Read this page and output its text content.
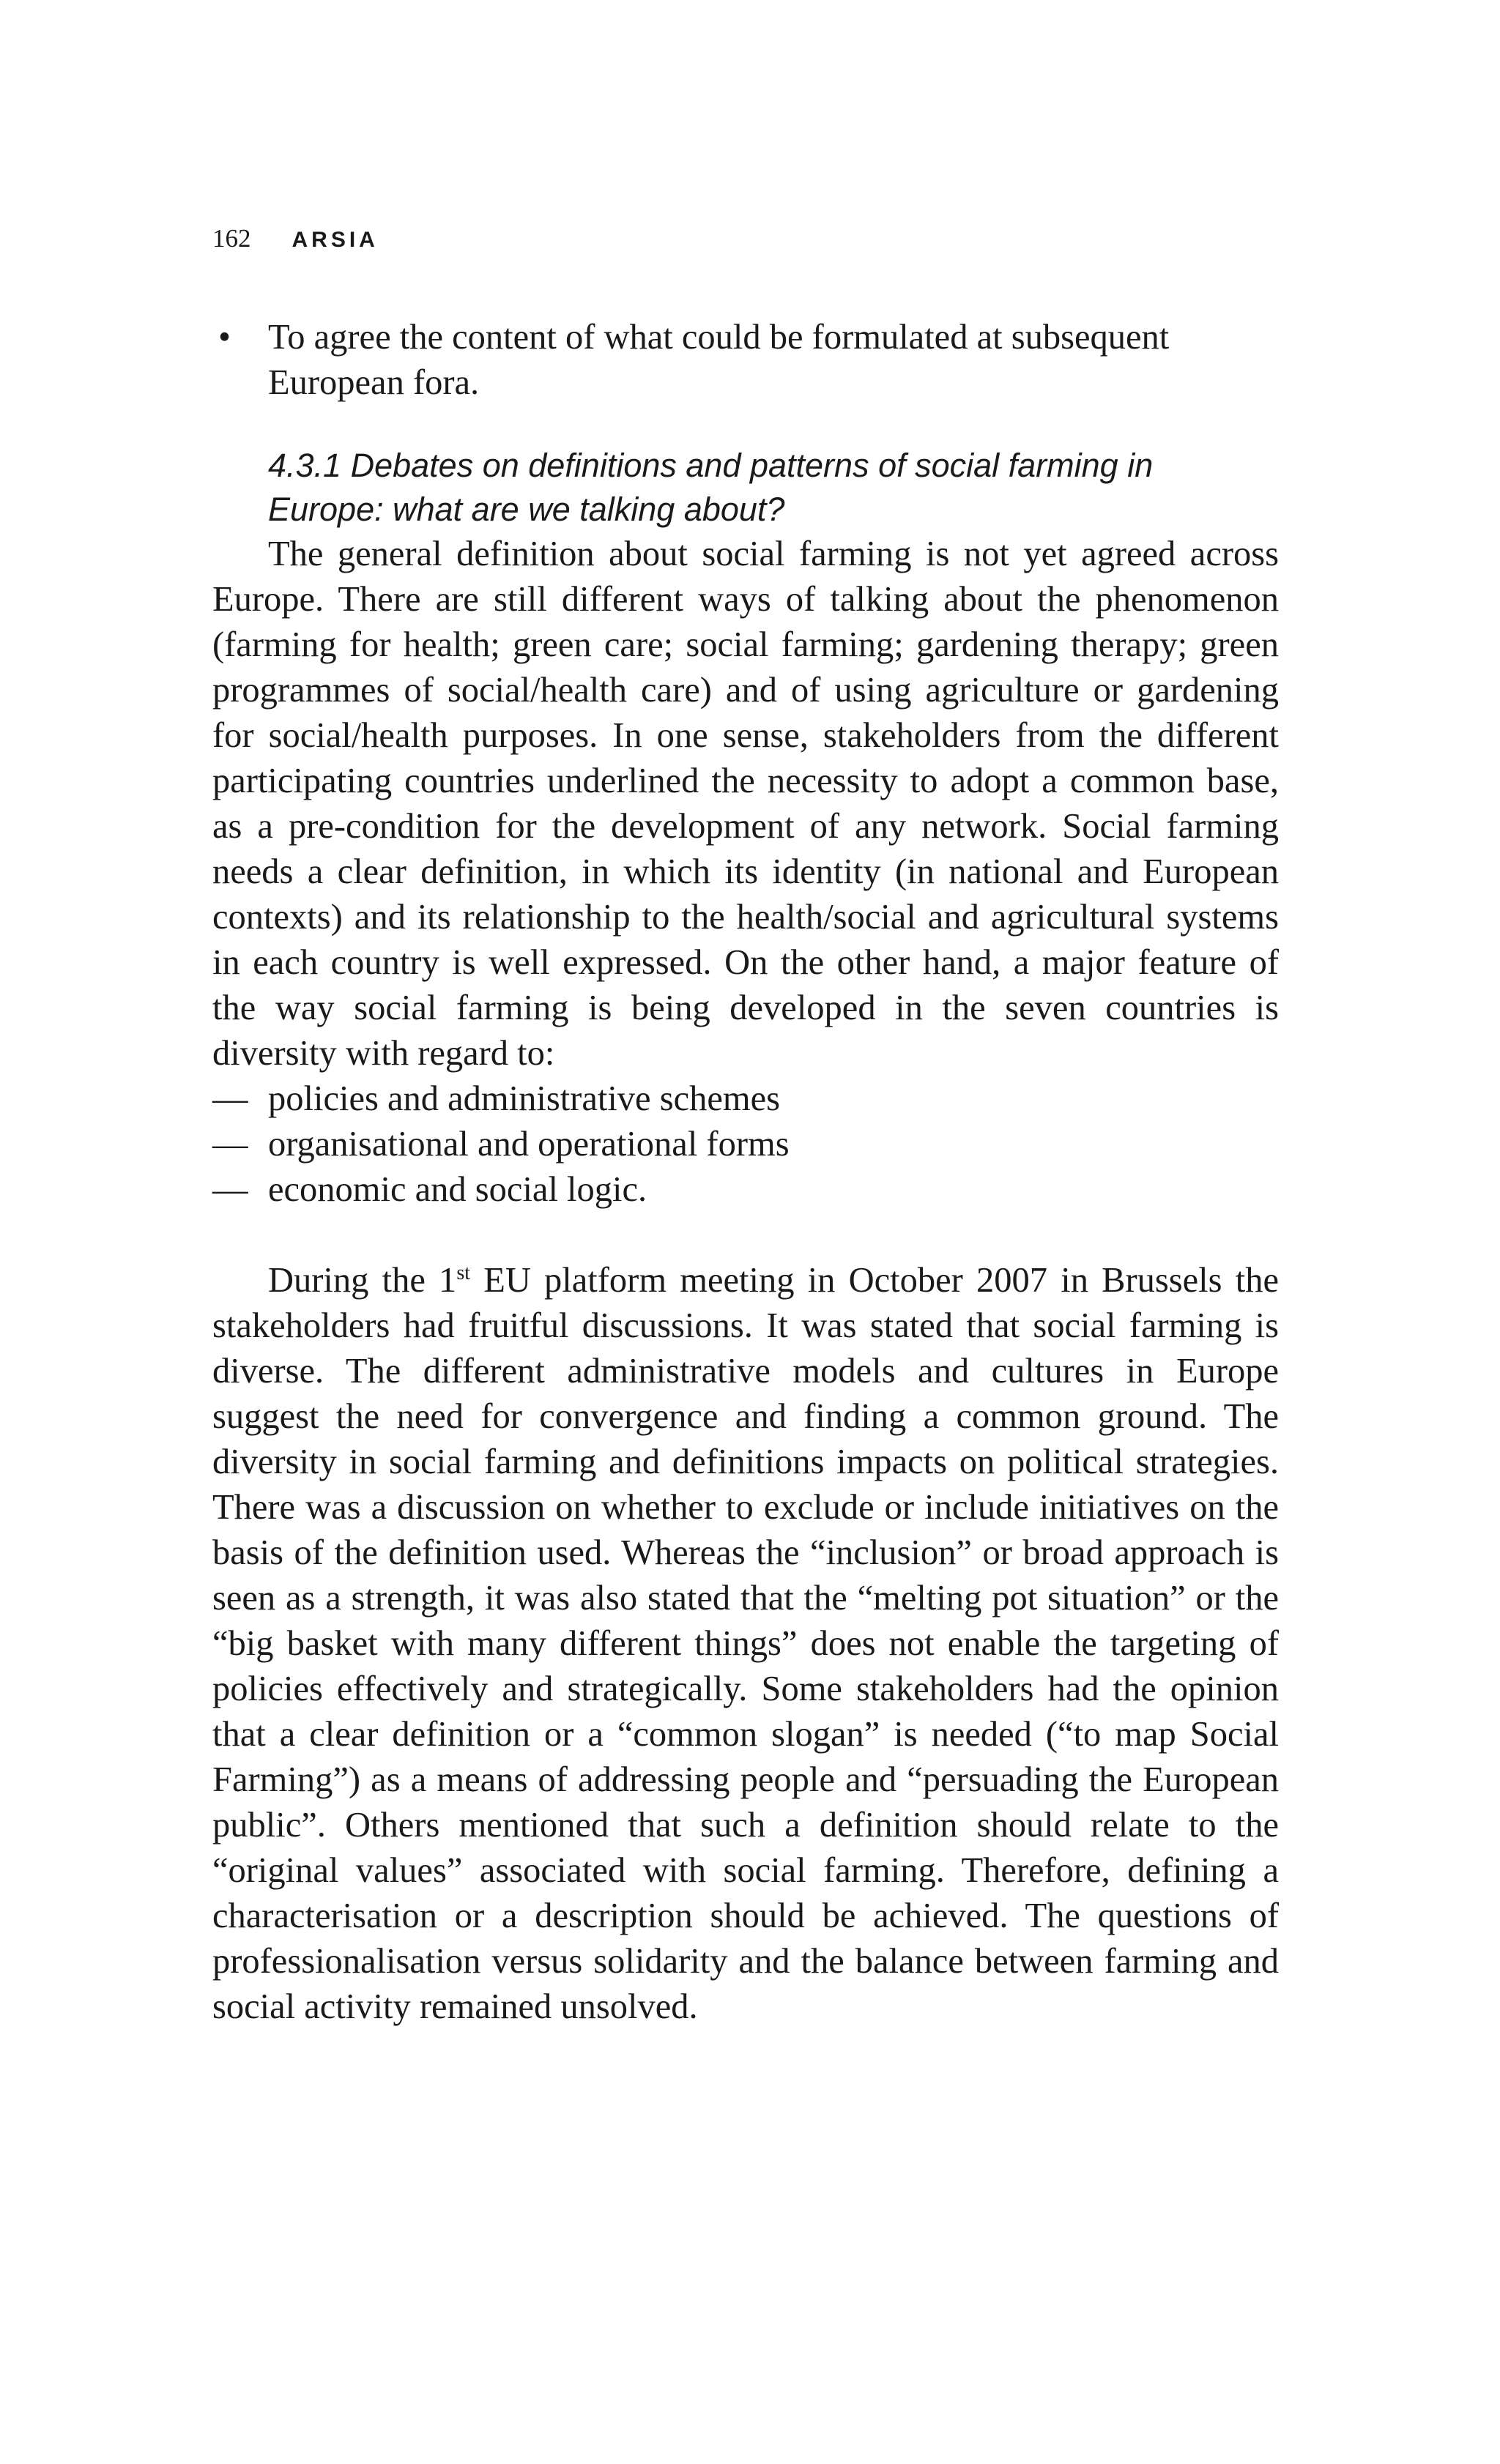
162 ARSIA
• To agree the content of what could be formulated at subsequent European fora.
4.3.1 Debates on definitions and patterns of social farming in Europe: what are we talking about?

The general definition about social farming is not yet agreed across Europe. There are still different ways of talking about the phenomenon (farming for health; green care; social farming; gardening therapy; green programmes of social/health care) and of using agriculture or gardening for social/health purposes. In one sense, stakeholders from the different participating countries underlined the necessity to adopt a common base, as a pre-condition for the development of any network. Social farming needs a clear definition, in which its identity (in national and European contexts) and its relationship to the health/social and agricultural systems in each country is well expressed. On the other hand, a major feature of the way social farming is being developed in the seven countries is diversity with regard to:

— policies and administrative schemes
— organisational and operational forms
— economic and social logic.

During the 1st EU platform meeting in October 2007 in Brussels the stakeholders had fruitful discussions. It was stated that social farming is diverse. The different administrative models and cultures in Europe suggest the need for convergence and finding a common ground. The diversity in social farming and definitions impacts on political strategies. There was a discussion on whether to exclude or include initiatives on the basis of the definition used. Whereas the “inclusion” or broad approach is seen as a strength, it was also stated that the “melting pot situation” or the “big basket with many different things” does not enable the targeting of policies effectively and strategically. Some stakeholders had the opinion that a clear definition or a “common slogan” is needed (“to map Social Farming”) as a means of addressing people and “persuading the European public”. Others mentioned that such a definition should relate to the “original values” associated with social farming. Therefore, defining a characterisation or a description should be achieved. The questions of professionalisation versus solidarity and the balance between farming and social activity remained unsolved.
